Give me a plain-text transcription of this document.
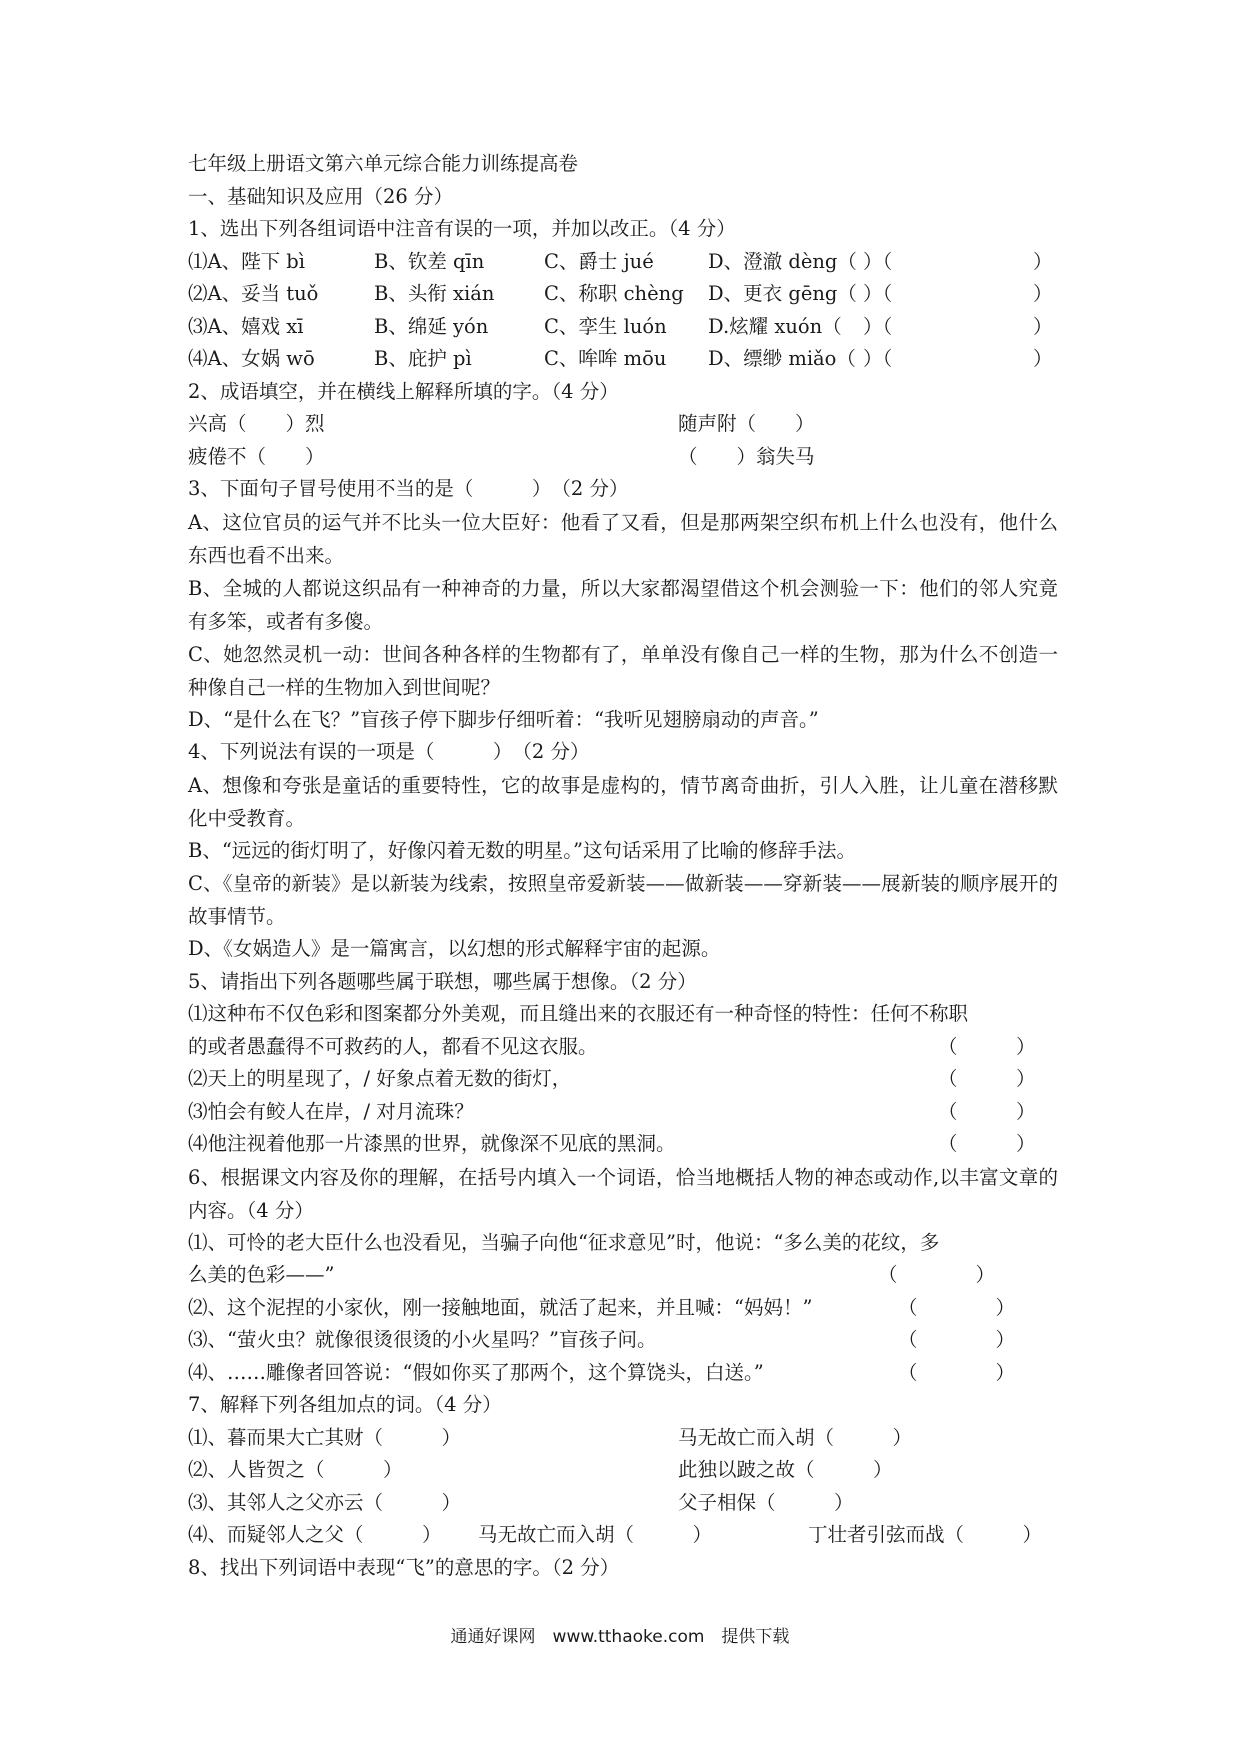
七年级上册语文第六单元综合能力训练提高卷
一、基础知识及应用（26 分）
1、选出下列各组词语中注音有误的一项，并加以改正。（4 分）
⑴A、陛下 bì	B、钦差 qīn	C、爵士 jué	D、澄澈 dèng（ ）（	）
⑵A、妥当 tuǒ	B、头衔 xián	C、称职 chèng D、更衣 gēng（ ）（	）
⑶A、嬉戏 xī	B、绵延 yón	C、孪生 luón D.炫耀 xuón（ ）（	）
⑷A、女娲 wō	B、庇护 pì	C、哞哞 mōu D、缥缈 miǎo（ ）（	）
2、成语填空，并在横线上解释所填的字。（4 分）
兴高（　　）烈	随声附（　　）
疲倦不（　　）	（　　）翁失马
3、下面句子冒号使用不当的是（　　　）　（2 分）
A、这位官员的运气并不比头一位大臣好：他看了又看，但是那两架空织布机上什么也没有，他什么东西也看不出来。
B、全城的人都说这织品有一种神奇的力量，所以大家都渴望借这个机会测验一下：他们的邻人究竟有多笨，或者有多傻。
C、她忽然灵机一动：世间各种各样的生物都有了，单单没有像自己一样的生物，那为什么不创造一种像自己一样的生物加入到世间呢？
D、“是什么在飞？”盲孩子停下脚步仔细听着：“我听见翅膀扇动的声音。”
4、下列说法有误的一项是（　　　）　（2 分）
A、想像和夸张是童话的重要特性，它的故事是虚构的，情节离奇曲折，引人入胜，让儿童在潜移默化中受教育。
B、“远远的街灯明了，好像闪着无数的明星。”这句话采用了比喻的修辞手法。
C、《皇帝的新装》是以新装为线索，按照皇帝爱新装——做新装——穿新装——展新装的顺序展开的故事情节。
D、《女娲造人》是一篇寓言，以幻想的形式解释宇宙的起源。
5、请指出下列各题哪些属于联想，哪些属于想像。（2 分）
⑴这种布不仅色彩和图案都分外美观，而且缝出来的衣服还有一种奇怪的特性：任何不称职
的或者愚蠢得不可救药的人，都看不见这衣服。	（　　　）
⑵天上的明星现了，/ 好象点着无数的街灯，	（　　　）
⑶怕会有鲛人在岸，/ 对月流珠？	（　　　）
⑷他注视着他那一片漆黑的世界，就像深不见底的黑洞。	（　　　）
6、根据课文内容及你的理解，在括号内填入一个词语，恰当地概括人物的神态或动作,以丰富文章的内容。（4 分）
⑴、可怜的老大臣什么也没看见，当骗子向他“征求意见”时，他说：“多么美的花纹，多
么美的色彩——”	（　　　　）
⑵、这个泥捏的小家伙，刚一接触地面，就活了起来，并且喊：“妈妈！”	（　　　　）
⑶、“萤火虫？就像很烫很烫的小火星吗？”盲孩子问。	（　　　　）
⑷、……雕像者回答说：“假如你买了那两个，这个算饶头，白送。”	（　　　　）
7、解释下列各组加点的词。（4 分）
⑴、暮而果大亡其财（　　　）	马无故亡而入胡（　　　）
⑵、人皆贺之（　　　）	此独以跛之故（　　　）
⑶、其邻人之父亦云（　　　）	父子相保（　　　）
⑷、而疑邻人之父（　　　） 马无故亡而入胡（　　　）	丁壮者引弦而战（　　　）
8、找出下列词语中表现“飞”的意思的字。（2 分）
通通好课网　www.tthaoke.com　提供下载
